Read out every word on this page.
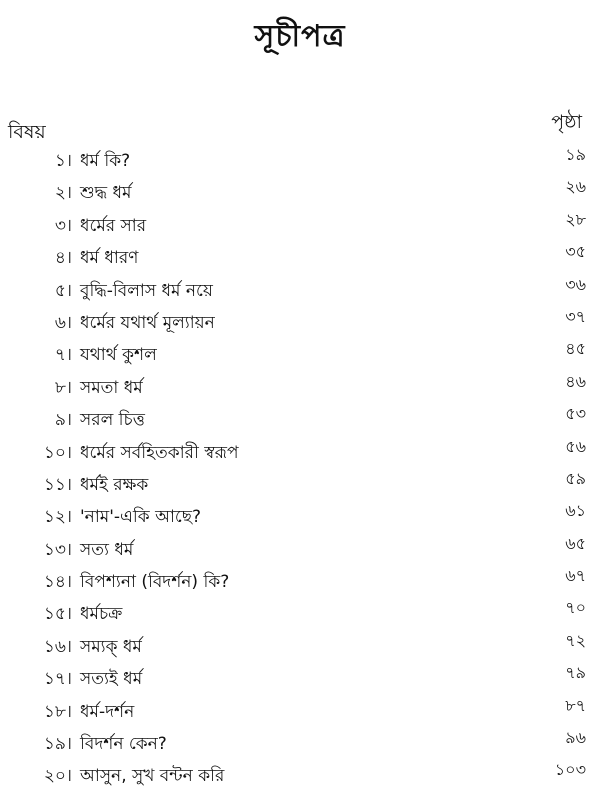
সূচীপত্র
বিষয়	পৃষ্ঠা
১। ধর্ম কি?	১৯
২। শুদ্ধ ধর্ম	২৬
৩। ধর্মের সার	২৮
৪। ধর্ম ধারণ	৩৫
৫। বুদ্ধি-বিলাস ধর্ম নয়ে	৩৬
৬। ধর্মের যথার্থ মূল্যায়ন	৩৭
৭। যথার্থ কুশল	৪৫
৮। সমতা ধর্ম	৪৬
৯। সরল চিত্ত	৫৩
১০। ধর্মের সর্বহিতকারী স্বরূপ	৫৬
১১। ধর্মই রক্ষক	৫৯
১২। 'নাম'-একি আছে?	৬১
১৩। সত্য ধর্ম	৬৫
১৪। বিপশ্যনা (বিদর্শন) কি?	৬৭
১৫। ধর্মচক্র	৭০
১৬। সম্যক্ ধর্ম	৭২
১৭। সত্যই ধর্ম	৭৯
১৮। ধর্ম-দর্শন	৮৭
১৯। বিদর্শন কেন?	৯৬
২০। আসুন, সুখ বন্টন করি	১০৩
